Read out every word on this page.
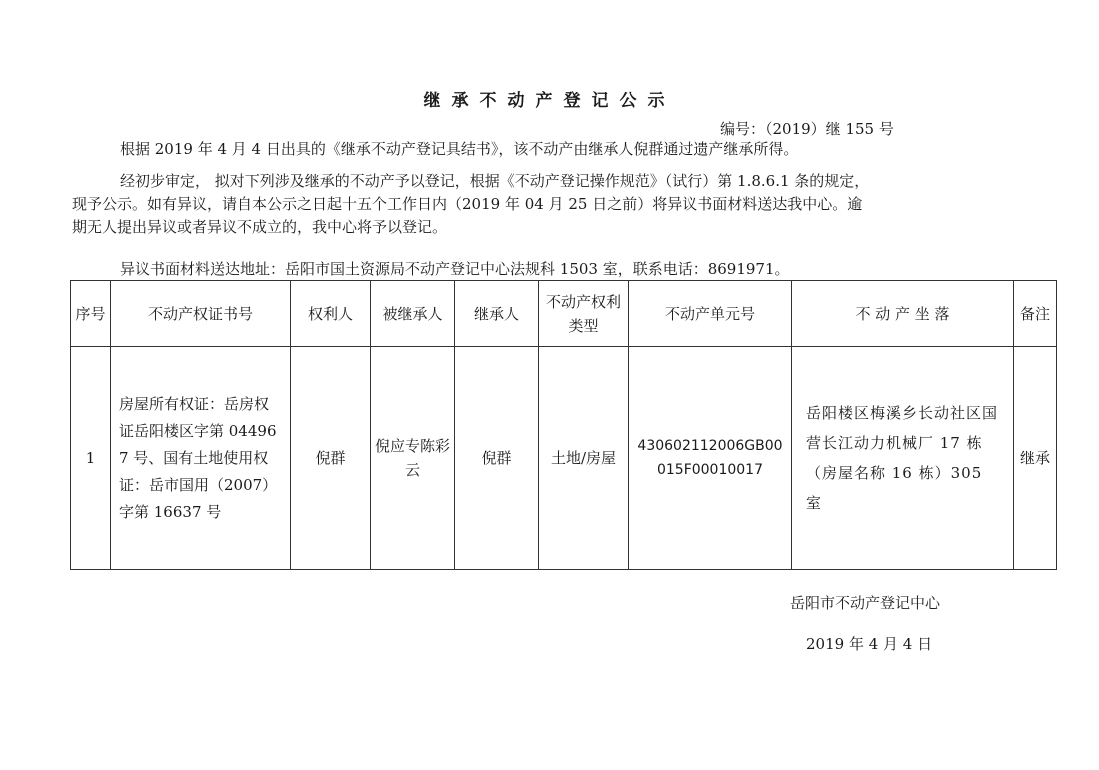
继承不动产登记公示
编号：（2019）继 155 号
根据 2019 年 4 月 4 日出具的《继承不动产登记具结书》，该不动产由继承人倪群通过遗产继承所得。
经初步审定， 拟对下列涉及继承的不动产予以登记，根据《不动产登记操作规范》（试行）第 1.8.6.1 条的规定，
现予公示。如有异议，请自本公示之日起十五个工作日内（2019 年 04 月 25 日之前）将异议书面材料送达我中心。逾
期无人提出异议或者异议不成立的，我中心将予以登记。
异议书面材料送达地址：岳阳市国土资源局不动产登记中心法规科 1503 室，联系电话：8691971。
序号	不动产权证书号	权利人	被继承人	继承人	不动产权利类型	不动产单元号	不 动 产 坐 落	备注
1	房屋所有权证：岳房权证岳阳楼区字第 044967 号、国有土地使用权证：岳市国用（2007）字第 16637 号	倪群	倪应专陈彩云	倪群	土地/房屋	430602112006GB00015F00010017	岳阳楼区梅溪乡长动社区国营长江动力机械厂 17 栋（房屋名称 16 栋）305 室	继承
岳阳市不动产登记中心
2019 年 4 月 4 日
